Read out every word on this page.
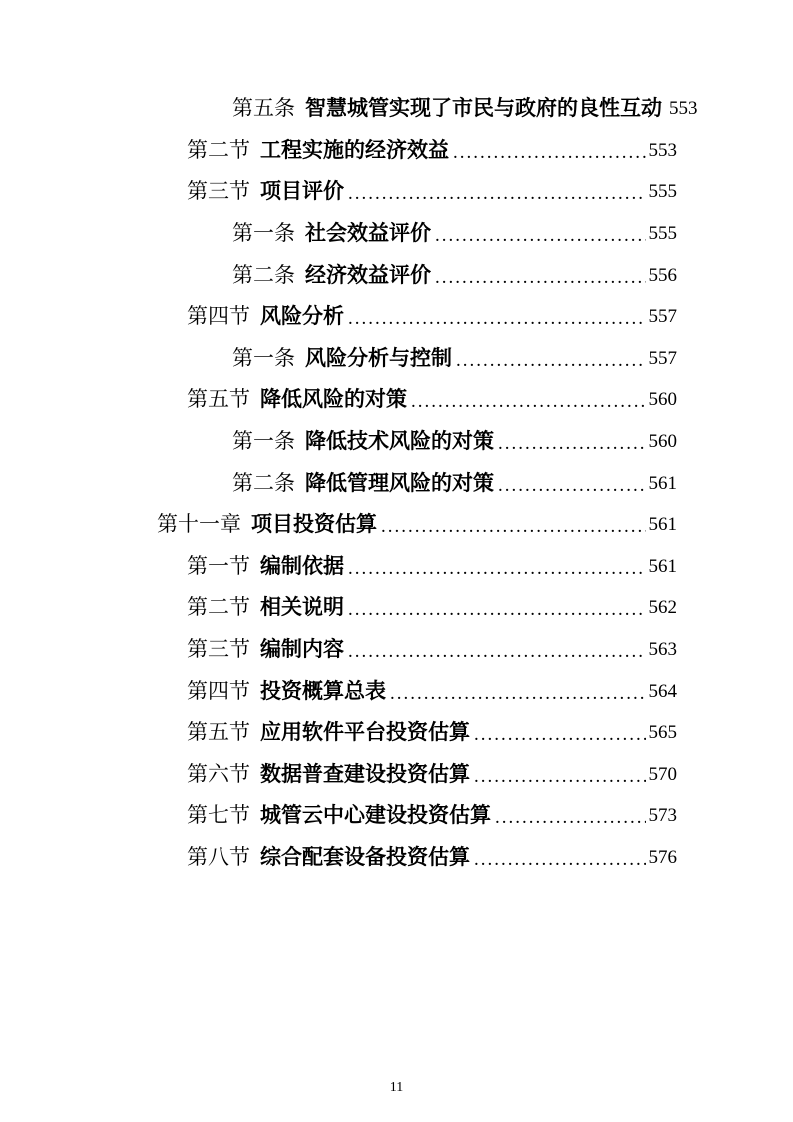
第五条 智慧城管实现了市民与政府的良性互动 553
第二节 工程实施的经济效益 .....	553
第三节 项目评价 .....	555
第一条 社会效益评价 .....	555
第二条 经济效益评价 .....	556
第四节 风险分析 .....	557
第一条 风险分析与控制 .....	557
第五节 降低风险的对策 .....	560
第一条 降低技术风险的对策 .....	560
第二条 降低管理风险的对策 .....	561
第十一章 项目投资估算 .....	561
第一节 编制依据 .....	561
第二节 相关说明 .....	562
第三节 编制内容 .....	563
第四节 投资概算总表 .....	564
第五节 应用软件平台投资估算 .....	565
第六节 数据普查建设投资估算 .....	570
第七节 城管云中心建设投资估算 .....	573
第八节 综合配套设备投资估算 .....	576
11
